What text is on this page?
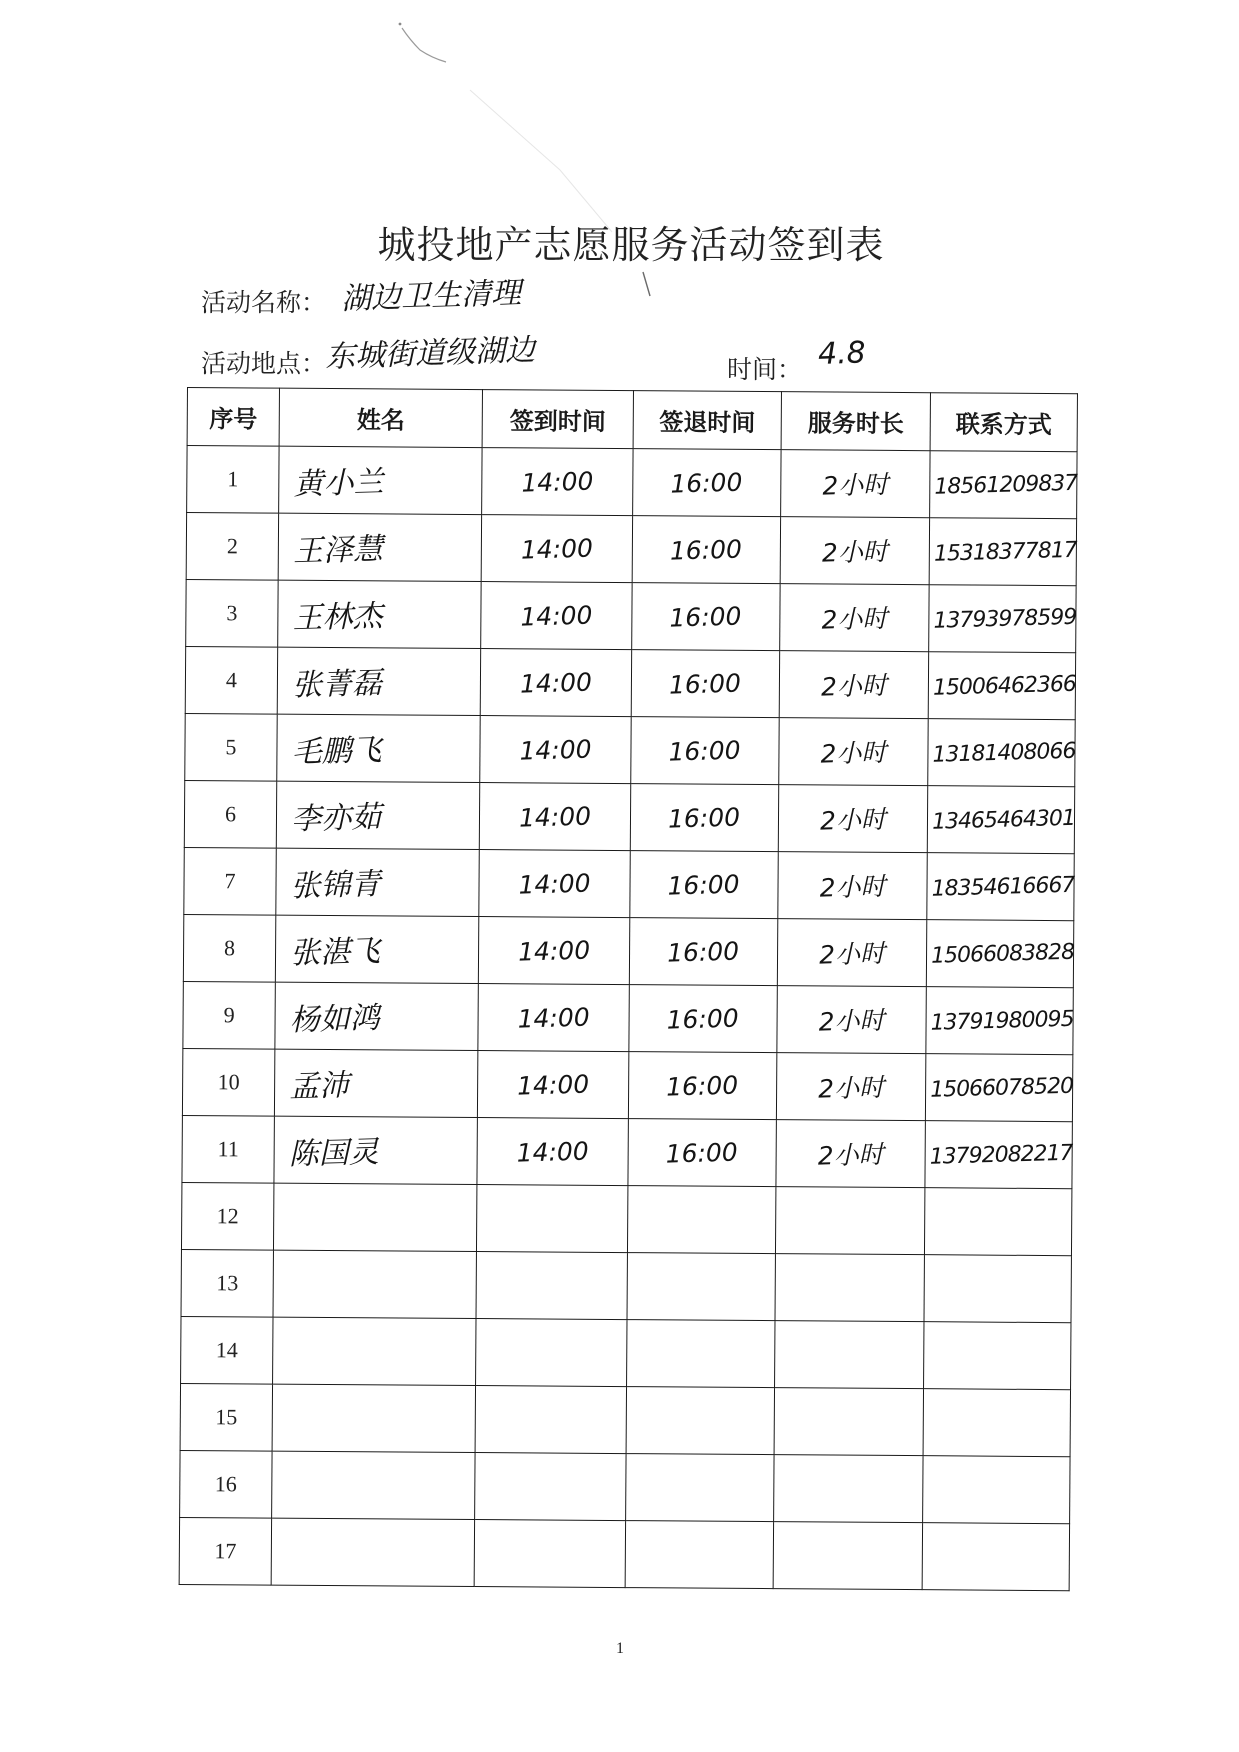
城投地产志愿服务活动签到表
活动名称： 湖边卫生清理
活动地点：
东城街道级湖边	时间： 4.8
序号	姓名	签到时间	签退时间	服务时长	联系方式
1	黄小兰	14:00	16:00	2小时	18561209837
2	王泽慧	14:00	16:00	2小时	15318377817
3	王林杰	14:00	16:00	2小时	13793978599
4	张菁磊	14:00	16:00	2小时	15006462366
5	毛鹏飞	14:00	16:00	2小时	13181408066
6	李亦茹	14:00	16:00	2小时	13465464301
7	张锦青	14:00	16:00	2小时	18354616667
8	张湛飞	14:00	16:00	2小时	15066083828
9	杨如鸿	14:00	16:00	2小时	13791980095
10	孟沛	14:00	16:00	2小时	15066078520
11	陈国灵	14:00	16:00	2小时	13792082217
12					
13					
14					
15					
16					
17					
1
